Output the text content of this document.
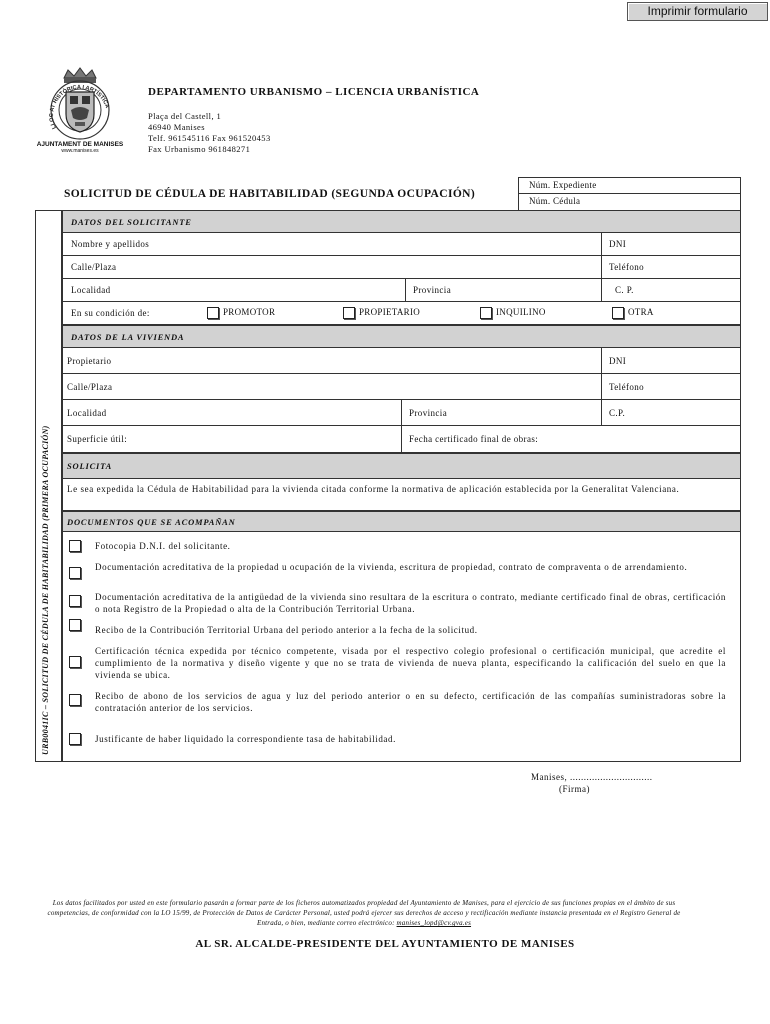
Imprimir formulario
LLOC AT HISTÒRICA I ARTÍSTICA
AJUNTAMENT DE MANISES
www.manises.es
DEPARTAMENTO URBANISMO – LICENCIA URBANÍSTICA
Plaça del Castell, 1
46940 Manises
Telf. 961545116 Fax 961520453
Fax Urbanismo 961848271
SOLICITUD DE CÉDULA DE HABITABILIDAD (SEGUNDA OCUPACIÓN)
Núm. Expediente
Núm. Cédula
URB0041IC – SOLICITUD DE CÉDULA DE HABITABILIDAD (PRIMERA OCUPACIÓN)
DATOS DEL SOLICITANTE
Nombre y apellidos	DNI
Calle/Plaza	Teléfono
Localidad	Provincia	C. P.
En su condición de:	PROMOTOR	PROPIETARIO	INQUILINO	OTRA
DATOS DE LA VIVIENDA
Propietario	DNI
Calle/Plaza	Teléfono
Localidad	Provincia	C.P.
Superficie útil:	Fecha certificado final de obras:
SOLICITA
Le sea expedida la Cédula de Habitabilidad para la vivienda citada conforme la normativa de aplicación establecida por la Generalitat Valenciana.
DOCUMENTOS QUE SE ACOMPAÑAN
Fotocopia D.N.I. del solicitante.
Documentación acreditativa de la propiedad u ocupación de la vivienda, escritura de propiedad, contrato de compraventa o de arrendamiento.
Documentación acreditativa de la antigüedad de la vivienda sino resultara de la escritura o contrato, mediante certificado final de obras, certificación o nota Registro de la Propiedad o alta de la Contribución Territorial Urbana.
Recibo de la Contribución Territorial Urbana del periodo anterior a la fecha de la solicitud.
Certificación técnica expedida por técnico competente, visada por el respectivo colegio profesional o certificación municipal, que acredite el cumplimiento de la normativa y diseño vigente y que no se trata de vivienda de nueva planta, especificando la calificación del suelo en que la vivienda se ubica.
Recibo de abono de los servicios de agua y luz del periodo anterior o en su defecto, certificación de las compañías suministradoras sobre la contratación anterior de los servicios.
Justificante de haber liquidado la correspondiente tasa de habitabilidad.
Manises, ..............................
(Firma)
Los datos facilitados por usted en este formulario pasarán a formar parte de los ficheros automatizados propiedad del Ayuntamiento de Manises, para el ejercicio de sus funciones propias en el ámbito de sus competencias, de conformidad con la LO 15/99, de Protección de Datos de Carácter Personal, usted podrá ejercer sus derechos de acceso y rectificación mediante instancia presentada en el Registro General de Entrada, o bien, mediante correo electrónico: manises_lopd@cv.gva.es
AL SR. ALCALDE-PRESIDENTE DEL AYUNTAMIENTO DE MANISES
